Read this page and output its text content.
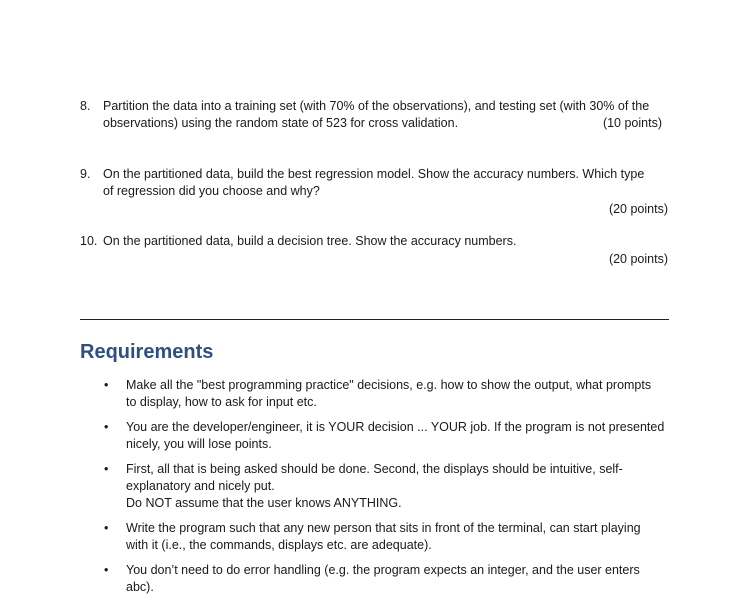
8.	Partition the data into a training set (with 70% of the observations), and testing set (with 30% of the
observations) using the random state of 523 for cross validation.	(10 points)
9.	On the partitioned data, build the best regression model. Show the accuracy numbers. Which type
of regression did you choose and why?
(20 points)
10. On the partitioned data, build a decision tree. Show the accuracy numbers.
(20 points)
Requirements
•	Make all the "best programming practice" decisions, e.g. how to show the output, what prompts
to display, how to ask for input etc.
•	You are the developer/engineer, it is YOUR decision ... YOUR job. If the program is not presented
nicely, you will lose points.
•	First, all that is being asked should be done. Second, the displays should be intuitive, self-
explanatory and nicely put.
Do NOT assume that the user knows ANYTHING.
•	Write the program such that any new person that sits in front of the terminal, can start playing
with it (i.e., the commands, displays etc. are adequate).
•	You don’t need to do error handling (e.g. the program expects an integer, and the user enters
abc).
